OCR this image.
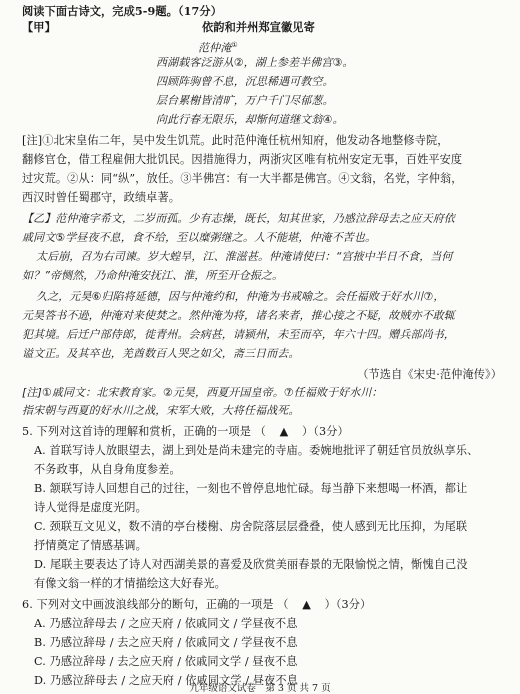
阅读下面古诗文，完成5-9题。（17分）
【甲】	依韵和并州郑宣徽见寄
范仲淹①
西湖载客泛游从②，湖上参差半佛宫③。
四顾阵驹曾不息，沉思稀遇可教空。
层台累榭皆清旷，万户千门尽郁葱。
向此行春无限乐，却惭何道继文翁④。
[注]①北宋皇佑二年，吴中发生饥荒。此时范仲淹任杭州知府，他发动各地整修寺院，
翻修官仓，借工程雇佣大批饥民。因措施得力，两浙灾区唯有杭州安定无事，百姓平安度
过灾荒。②从：同“纵”，放任。③半佛宫：有一大半都是佛宫。④文翁，名党，字仲翁，
西汉时曾任蜀郡守，政绩卓著。
【乙】范仲淹字希文，二岁而孤。少有志操，既长，知其世家，乃感泣辞母去之应天府依
戚同文⑤学昼夜不息，食不给，至以糜粥继之。人不能堪，仲淹不苦也。
太后崩，召为右司谏。岁大蝗旱，江、淮滋甚。仲淹请使曰：“宫掖中半日不食，当何
如？”帝恻然，乃命仲淹安抚江、淮，所至开仓振之。
久之，元昊⑥归陷将延德，因与仲淹约和，仲淹为书戒喻之。会任福败于好水川⑦，
元昊答书不逊，仲淹对来使焚之。然仲淹为将，诸名来者，推心接之不疑，故贼亦不敢辄
犯其境。后迁户部侍郎，徙青州。会病甚，请颍州，未至而卒，年六十四。赠兵部尚书，
谥文正。及其卒也，羌酋数百人哭之如父，斋三日而去。
（节选自《宋史·范仲淹传》）
[注]①戚同文：北宋教育家。②元昊，西夏开国皇帝。⑦任福败于好水川：
指宋朝与西夏的好水川之战，宋军大败，大将任福战死。
5. 下列对这首诗的理解和赏析，正确的一项是 （ ▲ ）（3分）
A. 首联写诗人放眼望去，湖上到处是尚未建完的寺庙。委婉地批评了朝廷官员放纵享乐、
不务政事，从自身角度参差。
B. 颔联写诗人回想自己的过往，一刻也不曾停息地忙碌。每当静下来想喝一杯酒，都让
诗人觉得是虚度光阴。
C. 颈联互文见义，数不清的亭台楼榭、房舍院落层层叠叠，使人感到无比压抑，为尾联
抒情奠定了情感基调。
D. 尾联主要表达了诗人对西湖美景的喜爱及欣赏美丽春景的无限愉悦之情，惭愧自己没
有像文翁一样的才情描绘这大好春光。
6. 下列对文中画波浪线部分的断句，正确的一项是 （ ▲ ）（3分）
A. 乃感泣辞母去 / 之应天府 / 依戚同文 / 学昼夜不息
B. 乃感泣辞母 / 去之应天府 / 依戚同文 / 学昼夜不息
C. 乃感泣辞母 / 去之应天府 / 依戚同文学 / 昼夜不息
D. 乃感泣辞母去 / 之应天府 / 依戚同文学 / 昼夜不息
九年级语文试卷　第 3 页 共 7 页
